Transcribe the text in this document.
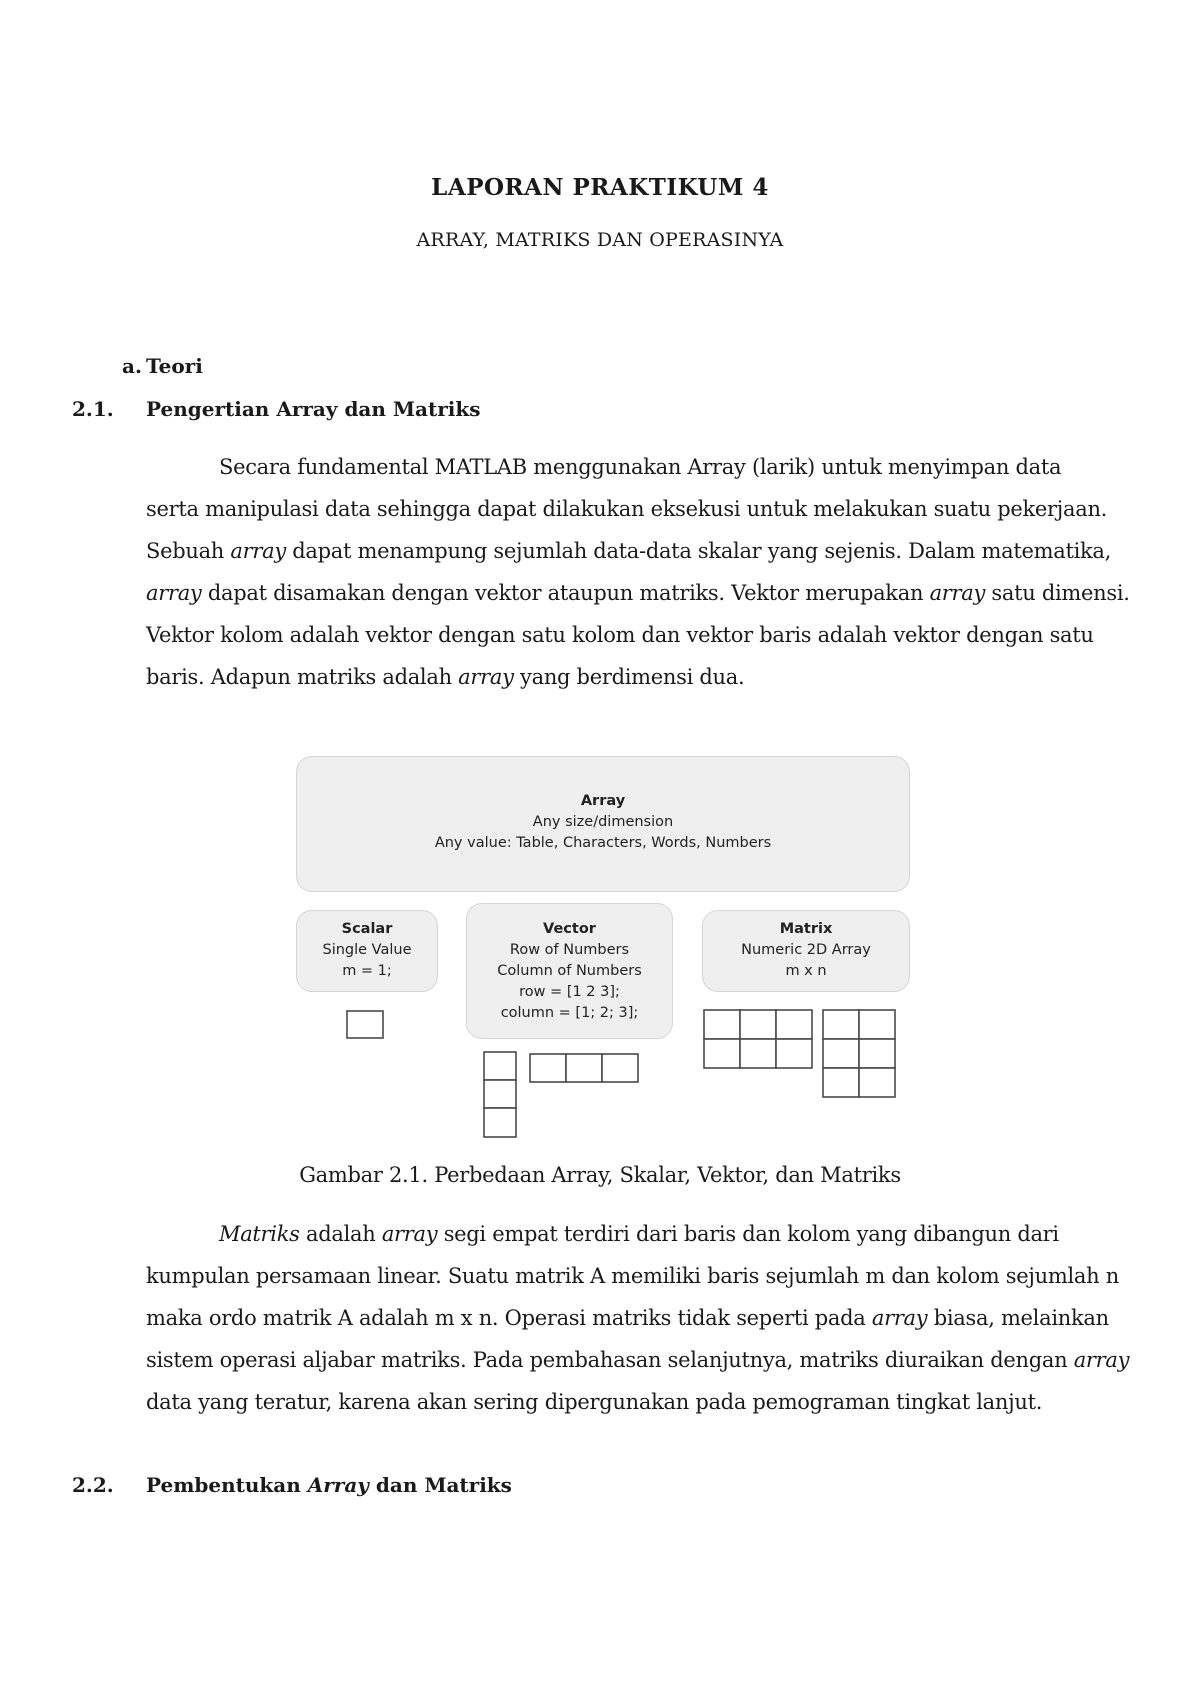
LAPORAN PRAKTIKUM 4
ARRAY, MATRIKS DAN OPERASINYA
a. Teori
2.1. Pengertian Array dan Matriks
Secara fundamental MATLAB menggunakan Array (larik) untuk menyimpan data
serta manipulasi data sehingga dapat dilakukan eksekusi untuk melakukan suatu pekerjaan.
Sebuah array dapat menampung sejumlah data-data skalar yang sejenis. Dalam matematika,
array dapat disamakan dengan vektor ataupun matriks. Vektor merupakan array satu dimensi.
Vektor kolom adalah vektor dengan satu kolom dan vektor baris adalah vektor dengan satu
baris. Adapun matriks adalah array yang berdimensi dua.
Array
Any size/dimension
Any value: Table, Characters, Words, Numbers
Scalar
Single Value
m = 1;
Vector
Row of Numbers
Column of Numbers
row = [1 2 3];
column = [1; 2; 3];
Matrix
Numeric 2D Array
m x n
Gambar 2.1. Perbedaan Array, Skalar, Vektor, dan Matriks
Matriks adalah array segi empat terdiri dari baris dan kolom yang dibangun dari
kumpulan persamaan linear. Suatu matrik A memiliki baris sejumlah m dan kolom sejumlah n
maka ordo matrik A adalah m x n. Operasi matriks tidak seperti pada array biasa, melainkan
sistem operasi aljabar matriks. Pada pembahasan selanjutnya, matriks diuraikan dengan array
data yang teratur, karena akan sering dipergunakan pada pemograman tingkat lanjut.
2.2. Pembentukan Array dan Matriks
